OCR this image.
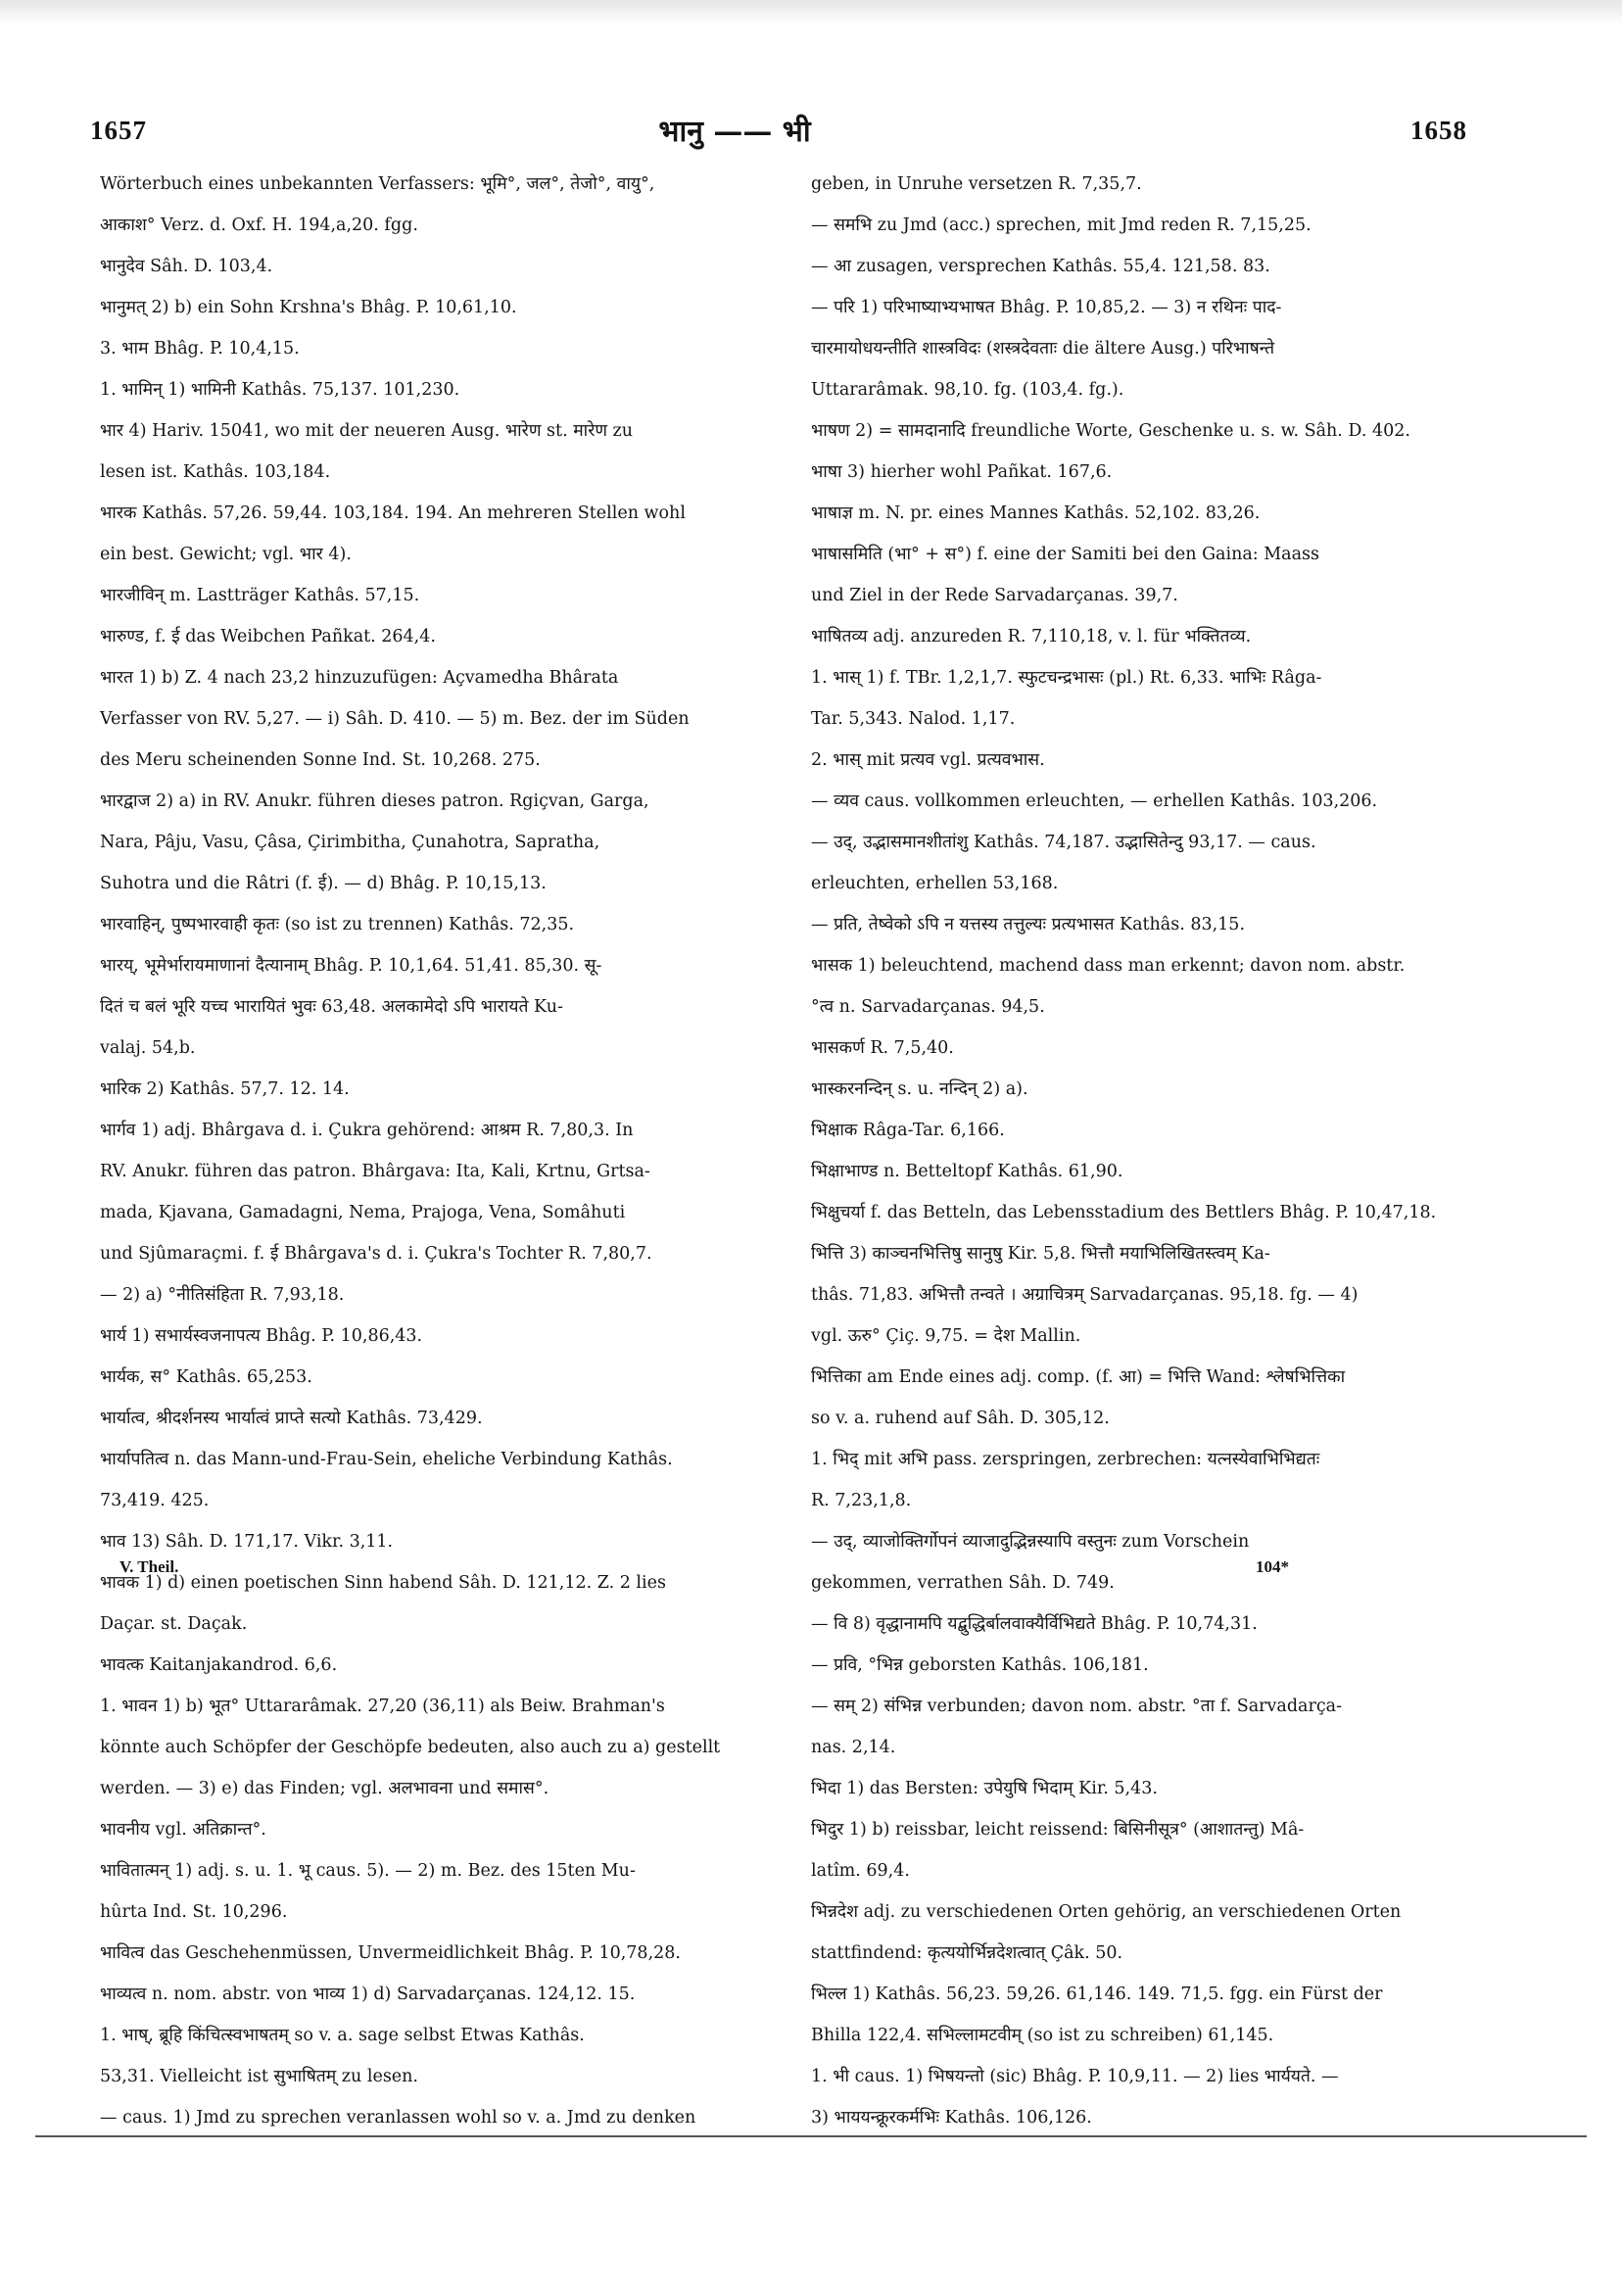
1657	भानु —— भी	1658
Wörterbuch eines unbekannten Verfassers: भूमि°, जल°, तेजो°, वायु°,
आकाश° Verz. d. Oxf. H. 194,a,20. fgg.
भानुदेव Sâh. D. 103,4.
भानुमत् 2) b) ein Sohn Krshna's Bhâg. P. 10,61,10.
3. भाम Bhâg. P. 10,4,15.
1. भामिन् 1) भामिनी Kathâs. 75,137. 101,230.
भार 4) Hariv. 15041, wo mit der neueren Ausg. भारेण st. मारेण zu
lesen ist. Kathâs. 103,184.
भारक Kathâs. 57,26. 59,44. 103,184. 194. An mehreren Stellen wohl
ein best. Gewicht; vgl. भार 4).
भारजीविन् m. Lastträger Kathâs. 57,15.
भारुण्ड, f. ई das Weibchen Pañkat. 264,4.
भारत 1) b) Z. 4 nach 23,2 hinzuzufügen: Açvamedha Bhârata
Verfasser von RV. 5,27. — i) Sâh. D. 410. — 5) m. Bez. der im Süden
des Meru scheinenden Sonne Ind. St. 10,268. 275.
भारद्वाज 2) a) in RV. Anukr. führen dieses patron. Rgiçvan, Garga,
Nara, Pâju, Vasu, Çâsa, Çirimbitha, Çunahotra, Sapratha,
Suhotra und die Râtri (f. ई). — d) Bhâg. P. 10,15,13.
भारवाहिन्, पुष्पभारवाही कृतः (so ist zu trennen) Kathâs. 72,35.
भारय्, भूमेर्भारायमाणानां दैत्यानाम् Bhâg. P. 10,1,64. 51,41. 85,30. सू-
दितं च बलं भूरि यच्च भारायितं भुवः 63,48. अलकामेदो ऽपि भारायते Ku-
valaj. 54,b.
भारिक 2) Kathâs. 57,7. 12. 14.
भार्गव 1) adj. Bhârgava d. i. Çukra gehörend: आश्रम R. 7,80,3. In
RV. Anukr. führen das patron. Bhârgava: Ita, Kali, Krtnu, Grtsa-
mada, Kjavana, Gamadagni, Nema, Prajoga, Vena, Somâhuti
und Sjûmaraçmi. f. ई Bhârgava's d. i. Çukra's Tochter R. 7,80,7.
— 2) a) °नीतिसंहिता R. 7,93,18.
भार्य 1) सभार्यस्वजनापत्य Bhâg. P. 10,86,43.
भार्यक, स° Kathâs. 65,253.
भार्यात्व, श्रीदर्शनस्य भार्यात्वं प्राप्ते सत्यो Kathâs. 73,429.
भार्यापतित्व n. das Mann-und-Frau-Sein, eheliche Verbindung Kathâs.
73,419. 425.
भाव 13) Sâh. D. 171,17. Vikr. 3,11.
भावक 1) d) einen poetischen Sinn habend Sâh. D. 121,12. Z. 2 lies
Daçar. st. Daçak.
भावत्क Kaitanjakandrod. 6,6.
1. भावन 1) b) भूत° Uttararâmak. 27,20 (36,11) als Beiw. Brahman's
könnte auch Schöpfer der Geschöpfe bedeuten, also auch zu a) gestellt
werden. — 3) e) das Finden; vgl. अलभावना und समास°.
भावनीय vgl. अतिक्रान्त°.
भावितात्मन् 1) adj. s. u. 1. भू caus. 5). — 2) m. Bez. des 15ten Mu-
hûrta Ind. St. 10,296.
भावित्व das Geschehenmüssen, Unvermeidlichkeit Bhâg. P. 10,78,28.
भाव्यत्व n. nom. abstr. von भाव्य 1) d) Sarvadarçanas. 124,12. 15.
1. भाष्, ब्रूहि किंचित्स्वभाषतम् so v. a. sage selbst Etwas Kathâs.
53,31. Vielleicht ist सुभाषितम् zu lesen.
— caus. 1) Jmd zu sprechen veranlassen wohl so v. a. Jmd zu denken
geben, in Unruhe versetzen R. 7,35,7.
— समभि zu Jmd (acc.) sprechen, mit Jmd reden R. 7,15,25.
— आ zusagen, versprechen Kathâs. 55,4. 121,58. 83.
— परि 1) परिभाष्याभ्यभाषत Bhâg. P. 10,85,2. — 3) न रथिनः पाद-
चारमायोधयन्तीति शास्त्रविदः (शस्त्रदेवताः die ältere Ausg.) परिभाषन्ते
Uttararâmak. 98,10. fg. (103,4. fg.).
भाषण 2) = सामदानादि freundliche Worte, Geschenke u. s. w. Sâh. D. 402.
भाषा 3) hierher wohl Pañkat. 167,6.
भाषाज्ञ m. N. pr. eines Mannes Kathâs. 52,102. 83,26.
भाषासमिति (भा° + स°) f. eine der Samiti bei den Gaina: Maass
und Ziel in der Rede Sarvadarçanas. 39,7.
भाषितव्य adj. anzureden R. 7,110,18, v. l. für भक्तितव्य.
1. भास् 1) f. TBr. 1,2,1,7. स्फुटचन्द्रभासः (pl.) Rt. 6,33. भाभिः Râga-
Tar. 5,343. Nalod. 1,17.
2. भास् mit प्रत्यव vgl. प्रत्यवभास.
— व्यव caus. vollkommen erleuchten, — erhellen Kathâs. 103,206.
— उद्, उद्भासमानशीतांशु Kathâs. 74,187. उद्भासितेन्दु 93,17. — caus.
erleuchten, erhellen 53,168.
— प्रति, तेष्वेको ऽपि न यत्तस्य तत्तुल्यः प्रत्यभासत Kathâs. 83,15.
भासक 1) beleuchtend, machend dass man erkennt; davon nom. abstr.
°त्व n. Sarvadarçanas. 94,5.
भासकर्ण R. 7,5,40.
भास्करनन्दिन् s. u. नन्दिन् 2) a).
भिक्षाक Râga-Tar. 6,166.
भिक्षाभाण्ड n. Betteltopf Kathâs. 61,90.
भिक्षुचर्या f. das Betteln, das Lebensstadium des Bettlers Bhâg. P. 10,47,18.
भित्ति 3) काञ्चनभित्तिषु सानुषु Kir. 5,8. भित्तौ मयाभिलिखितस्त्वम् Ka-
thâs. 71,83. अभित्तौ तन्वते । अग्राचित्रम् Sarvadarçanas. 95,18. fg. — 4)
vgl. ऊरु° Çiç. 9,75. = देश Mallin.
भित्तिका am Ende eines adj. comp. (f. आ) = भित्ति Wand: श्लेषभित्तिका
so v. a. ruhend auf Sâh. D. 305,12.
1. भिद् mit अभि pass. zerspringen, zerbrechen: यत्नस्येवाभिभिद्यतः
R. 7,23,1,8.
— उद्, व्याजोक्तिर्गोपनं व्याजादुद्भिन्नस्यापि वस्तुनः zum Vorschein
gekommen, verrathen Sâh. D. 749.
— वि 8) वृद्धानामपि यद्बुद्धिर्बालवाक्यैर्विभिद्यते Bhâg. P. 10,74,31.
— प्रवि, °भिन्न geborsten Kathâs. 106,181.
— सम् 2) संभिन्न verbunden; davon nom. abstr. °ता f. Sarvadarça-
nas. 2,14.
भिदा 1) das Bersten: उपेयुषि भिदाम् Kir. 5,43.
भिदुर 1) b) reissbar, leicht reissend: बिसिनीसूत्र° (आशातन्तु) Mâ-
latîm. 69,4.
भिन्नदेश adj. zu verschiedenen Orten gehörig, an verschiedenen Orten
stattfindend: कृत्ययोर्भिन्नदेशत्वात् Çâk. 50.
भिल्ल 1) Kathâs. 56,23. 59,26. 61,146. 149. 71,5. fgg. ein Fürst der
Bhilla 122,4. सभिल्लामटवीम् (so ist zu schreiben) 61,145.
1. भी caus. 1) भिषयन्तो (sic) Bhâg. P. 10,9,11. — 2) lies भार्ययते. —
3) भाययन्क्रूरकर्मभिः Kathâs. 106,126.
V. Theil.	104*
